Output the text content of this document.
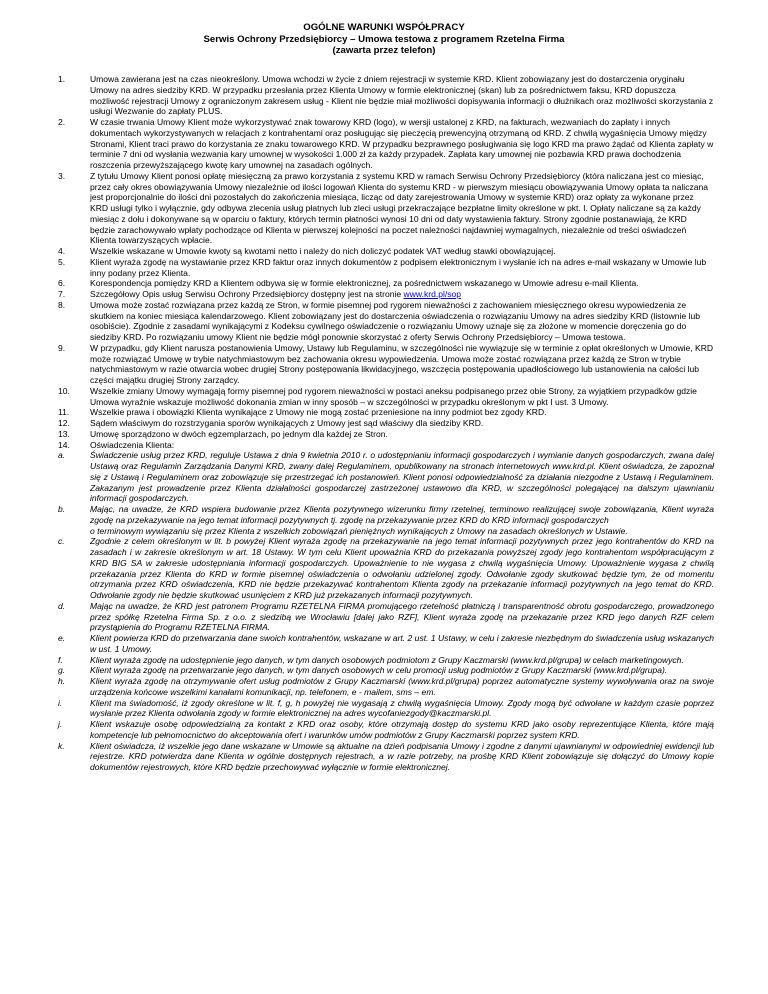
OGÓLNE WARUNKI WSPÓŁPRACY
Serwis Ochrony Przedsiębiorcy – Umowa testowa z programem Rzetelna Firma
(zawarta przez telefon)
1.	Umowa zawierana jest na czas nieokreślony. Umowa wchodzi w życie z dniem rejestracji w systemie KRD. Klient zobowiązany jest do dostarczenia oryginału Umowy na adres siedziby KRD. W przypadku przesłania przez Klienta Umowy w formie elektronicznej (skan) lub za pośrednictwem faksu, KRD dopuszcza możliwość rejestracji Umowy z ograniczonym zakresem usług - Klient nie będzie miał możliwości dopisywania informacji o dłużnikach oraz możliwości skorzystania z usługi Wezwanie do zapłaty PLUS.
2.	W czasie trwania Umowy Klient może wykorzystywać znak towarowy KRD (logo), w wersji ustalonej z KRD, na fakturach, wezwaniach do zapłaty i innych dokumentach wykorzystywanych w relacjach z kontrahentami oraz posługując się pieczęcią prewencyjną otrzymaną od KRD. Z chwilą wygaśnięcia Umowy między Stronami, Klient traci prawo do korzystania ze znaku towarowego KRD. W przypadku bezprawnego posługiwania się logo KRD ma prawo żądać od Klienta zapłaty w terminie 7 dni od wysłania wezwania kary umownej w wysokości 1.000 zł za każdy przypadek. Zapłata kary umownej nie pozbawia KRD prawa dochodzenia roszczenia przewyższającego kwotę kary umownej na zasadach ogólnych.
3.	Z tytułu Umowy Klient ponosi opłatę miesięczną za prawo korzystania z systemu KRD w ramach Serwisu Ochrony Przedsiębiorcy (która naliczana jest co miesiąc, przez cały okres obowiązywania Umowy niezależnie od ilości logowań Klienta do systemu KRD - w pierwszym miesiącu obowiązywania Umowy opłata ta naliczana jest proporcjonalnie do ilości dni pozostałych do zakończenia miesiąca, licząc od daty zarejestrowania Umowy w systemie KRD) oraz opłaty za wykonane przez KRD usługi tylko i wyłącznie, gdy odbywa zlecenia usług płatnych lub zleci usługi przekraczające bezpłatne limity określone w pkt. I. Opłaty naliczane są za każdy miesiąc z dołu i dokonywane są w oparciu o faktury, których termin płatności wynosi 10 dni od daty wystawienia faktury. Strony zgodnie postanawiają, że KRD będzie zarachowywało wpłaty pochodzące od Klienta w pierwszej kolejności na poczet należności najdawniej wymagalnych, niezależnie od treści oświadczeń Klienta towarzyszących wpłacie.
4.	Wszelkie wskazane w Umowie kwoty są kwotami netto i należy do nich doliczyć podatek VAT według stawki obowiązującej.
5.	Klient wyraża zgodę na wystawianie przez KRD faktur oraz innych dokumentów z podpisem elektronicznym i wysłanie ich na adres e-mail wskazany w Umowie lub inny podany przez Klienta.
6.	Korespondencja pomiędzy KRD a Klientem odbywa się w formie elektronicznej, za pośrednictwem wskazanego w Umowie adresu e-mail Klienta.
7.	Szczegółowy Opis usług Serwisu Ochrony Przedsiębiorcy dostępny jest na stronie www.krd.pl/sop
8.	Umowa może zostać rozwiązana przez każdą ze Stron, w formie pisemnej pod rygorem nieważności z zachowaniem miesięcznego okresu wypowiedzenia ze skutkiem na koniec miesiąca kalendarzowego. Klient zobowiązany jest do dostarczenia oświadczenia o rozwiązaniu Umowy na adres siedziby KRD (listownie lub osobiście). Zgodnie z zasadami wynikającymi z Kodeksu cywilnego oświadczenie o rozwiązaniu Umowy uznaje się za złożone w momencie doręczenia go do siedziby KRD. Po rozwiązaniu umowy Klient nie będzie mógł ponownie skorzystać z oferty Serwis Ochrony Przedsiębiorcy – Umowa testowa.
9.	W przypadku, gdy Klient narusza postanowienia Umowy, Ustawy lub Regulaminu, w szczególności nie wywiązuje się w terminie z opłat określonych w Umowie, KRD może rozwiązać Umowę w trybie natychmiastowym bez zachowania okresu wypowiedzenia. Umowa może zostać rozwiązana przez każdą ze Stron w trybie natychmiastowym w razie otwarcia wobec drugiej Strony postępowania likwidacyjnego, wszczęcia postępowania upadłościowego lub ustanowienia na całości lub części majątku drugiej Strony zarządcy.
10. Wszelkie zmiany Umowy wymagają formy pisemnej pod rygorem nieważności w postaci aneksu podpisanego przez obie Strony, za wyjątkiem przypadków gdzie Umowa wyraźnie wskazuje możliwość dokonania zmian w inny sposób – w szczególności w przypadku określonym w pkt I ust. 3 Umowy.
11. Wszelkie prawa i obowiązki Klienta wynikające z Umowy nie mogą zostać przeniesione na inny podmiot bez zgody KRD.
12. Sądem właściwym do rozstrzygania sporów wynikających z Umowy jest sąd właściwy dla siedziby KRD.
13. Umowę sporządzono w dwóch egzemplarzach, po jednym dla każdej ze Stron.
14. Oświadczenia Klienta:
a.	Świadczenie usług przez KRD, reguluje Ustawa z dnia 9 kwietnia 2010 r. o udostępnianiu informacji gospodarczych i wymianie danych gospodarczych, zwana dalej Ustawą oraz Regulamin Zarządzania Danymi KRD, zwany dalej Regulaminem, opublikowany na stronach internetowych www.krd.pl. Klient oświadcza, że zapoznał się z Ustawą i Regulaminem oraz zobowiązuje się przestrzegać ich postanowień. Klient ponosi odpowiedzialność za działania niezgodne z Ustawą i Regulaminem. Zakazanym jest prowadzenie przez Klienta działalności gospodarczej zastrzeżonej ustawowo dla KRD, w szczególności polegającej na dalszym ujawnianiu informacji gospodarczych.
b.	Mając, na uwadze, że KRD wspiera budowanie przez Klienta pozytywnego wizerunku firmy rzetelnej, terminowo realizującej swoje zobowiązania, Klient wyraża zgodę na przekazywanie na jego temat informacji pozytywnych tj. zgodę na przekazywanie przez KRD do KRD informacji gospodarczych
o terminowym wywiązaniu się przez Klienta z wszelkich zobowiązań pieniężnych wynikających z Umowy na zasadach określonych w Ustawie.
c.	Zgodnie z celem określonym w lit. b powyżej Klient wyraża zgodę na przekazywanie na jego temat informacji pozytywnych przez jego kontrahentów do KRD na zasadach i w zakresie określonym w art. 18 Ustawy. W tym celu Klient upoważnia KRD do przekazania powyższej zgody jego kontrahentom współpracującym z KRD BIG SA w zakresie udostępniania informacji gospodarczych. Upoważnienie to nie wygasa z chwilą wygaśnięcia Umowy. Upoważnienie wygasa z chwilą przekazania przez Klienta do KRD w formie pisemnej oświadczenia o odwołaniu udzielonej zgody. Odwołanie zgody skutkować będzie tym, że od momentu otrzymania przez KRD oświadczenia, KRD nie będzie przekazywać kontrahentom Klienta zgody na przekazanie informacji pozytywnych na jego temat do KRD. Odwołanie zgody nie będzie skutkować usunięciem z KRD już przekazanych informacji pozytywnych.
d.	Mając na uwadze, że KRD jest patronem Programu RZETELNA FIRMA promującego rzetelność płatniczą i transparentność obrotu gospodarczego, prowadzonego przez spółkę Rzetelna Firma Sp. z o.o. z siedzibą we Wrocławiu [dalej jako RZF], Klient wyraża zgodę na przekazanie przez KRD jego danych RZF celem przystąpienia do Programu RZETELNA FIRMA.
e.	Klient powierza KRD do przetwarzania dane swoich kontrahentów, wskazane w art. 2 ust. 1 Ustawy, w celu i zakresie niezbędnym do świadczenia usług wskazanych w ust. 1 Umowy.
f.	Klient wyraża zgodę na udostępnienie jego danych, w tym danych osobowych podmiotom z Grupy Kaczmarski (www.krd.pl/grupa) w celach marketingowych.
g.	Klient wyraża zgodę na przetwarzanie jego danych, w tym danych osobowych w celu promocji usług podmiotów z Grupy Kaczmarski (www.krd.pl/grupa).
h.	Klient wyraża zgodę na otrzymywanie ofert usług podmiotów z Grupy Kaczmarski (www.krd.pl/grupa) poprzez automatyczne systemy wywoływania oraz na swoje urządzenia końcowe wszelkimi kanałami komunikacji, np. telefonem, e - mailem, sms – em.
i.	Klient ma świadomość, iż zgody określone w lit. f, g, h powyżej nie wygasają z chwilą wygaśnięcia Umowy. Zgody mogą być odwołane w każdym czasie poprzez wysłanie przez Klienta odwołania zgody w formie elektronicznej na adres wycofaniezgody@kaczmarski.pl.
j.	Klient wskazuje osobę odpowiedzialną za kontakt z KRD oraz osoby, które otrzymają dostęp do systemu KRD jako osoby reprezentujące Klienta, które mają kompetencje lub pełnomocnictwo do akceptowania ofert i warunków umów podmiotów z Grupy Kaczmarski poprzez system KRD.
k.	Klient oświadcza, iż wszelkie jego dane wskazane w Umowie są aktualne na dzień podpisania Umowy i zgodne z danymi ujawnianymi w odpowiedniej ewidencji lub rejestrze. KRD potwierdza dane Klienta w ogólnie dostępnych rejestrach, a w razie potrzeby, na prośbę KRD Klient zobowiązuje się dołączyć do Umowy kopie dokumentów rejestrowych, które KRD będzie przechowywać wyłącznie w formie elektronicznej.
